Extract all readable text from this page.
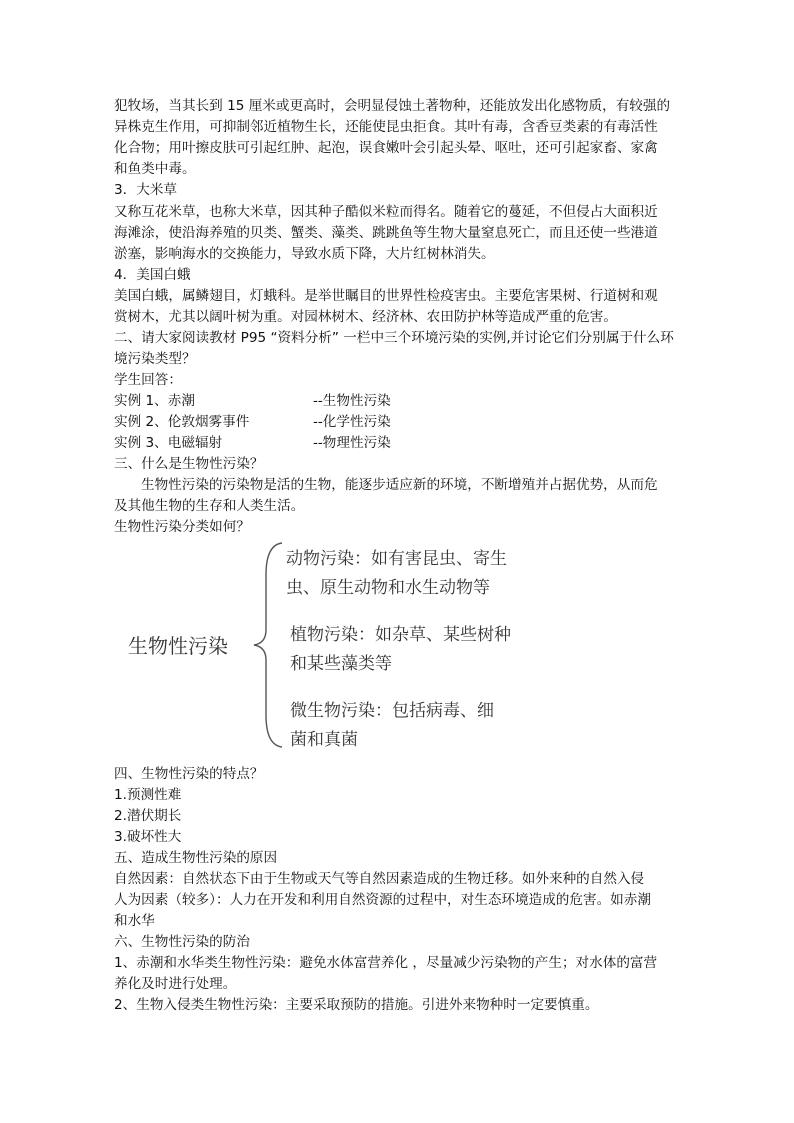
犯牧场，当其长到 15 厘米或更高时，会明显侵蚀土著物种，还能放发出化感物质，有较强的
异株克生作用，可抑制邻近植物生长，还能使昆虫拒食。其叶有毒，含香豆类素的有毒活性
化合物；用叶擦皮肤可引起红肿、起泡，误食嫩叶会引起头晕、呕吐，还可引起家畜、家禽
和鱼类中毒。
3．大米草
又称互花米草，也称大米草，因其种子酷似米粒而得名。随着它的蔓延，不但侵占大面积近
海滩涂，使沿海养殖的贝类、蟹类、藻类、跳跳鱼等生物大量窒息死亡，而且还使一些港道
淤塞，影响海水的交换能力，导致水质下降，大片红树林消失。
4．美国白蛾
美国白蛾，属鳞翅目，灯蛾科。是举世瞩目的世界性检疫害虫。主要危害果树、行道树和观
赏树木，尤其以阔叶树为重。对园林树木、经济林、农田防护林等造成严重的危害。
二、请大家阅读教材 P95 “资料分析” 一栏中三个环境污染的实例,并讨论它们分别属于什么环
境污染类型？
学生回答：
实例 1、赤潮	--生物性污染
实例 2、伦敦烟雾事件	--化学性污染
实例 3、电磁辐射	--物理性污染
三、什么是生物性污染？
生物性污染的污染物是活的生物，能逐步适应新的环境，不断增殖并占据优势，从而危
及其他生物的生存和人类生活。
生物性污染分类如何？
生物性污染
动物污染：如有害昆虫、寄生
虫、原生动物和水生动物等
植物污染：如杂草、某些树种
和某些藻类等
微生物污染：包括病毒、细
菌和真菌
四、生物性污染的特点？
1.预测性难
2.潜伏期长
3.破坏性大
五、造成生物性污染的原因
自然因素：自然状态下由于生物或天气等自然因素造成的生物迁移。如外来种的自然入侵
人为因素（较多）：人力在开发和利用自然资源的过程中，对生态环境造成的危害。如赤潮
和水华
六、生物性污染的防治
1、赤潮和水华类生物性污染：避免水体富营养化 ，尽量减少污染物的产生；对水体的富营
养化及时进行处理。
2、生物入侵类生物性污染：主要采取预防的措施。引进外来物种时一定要慎重。
